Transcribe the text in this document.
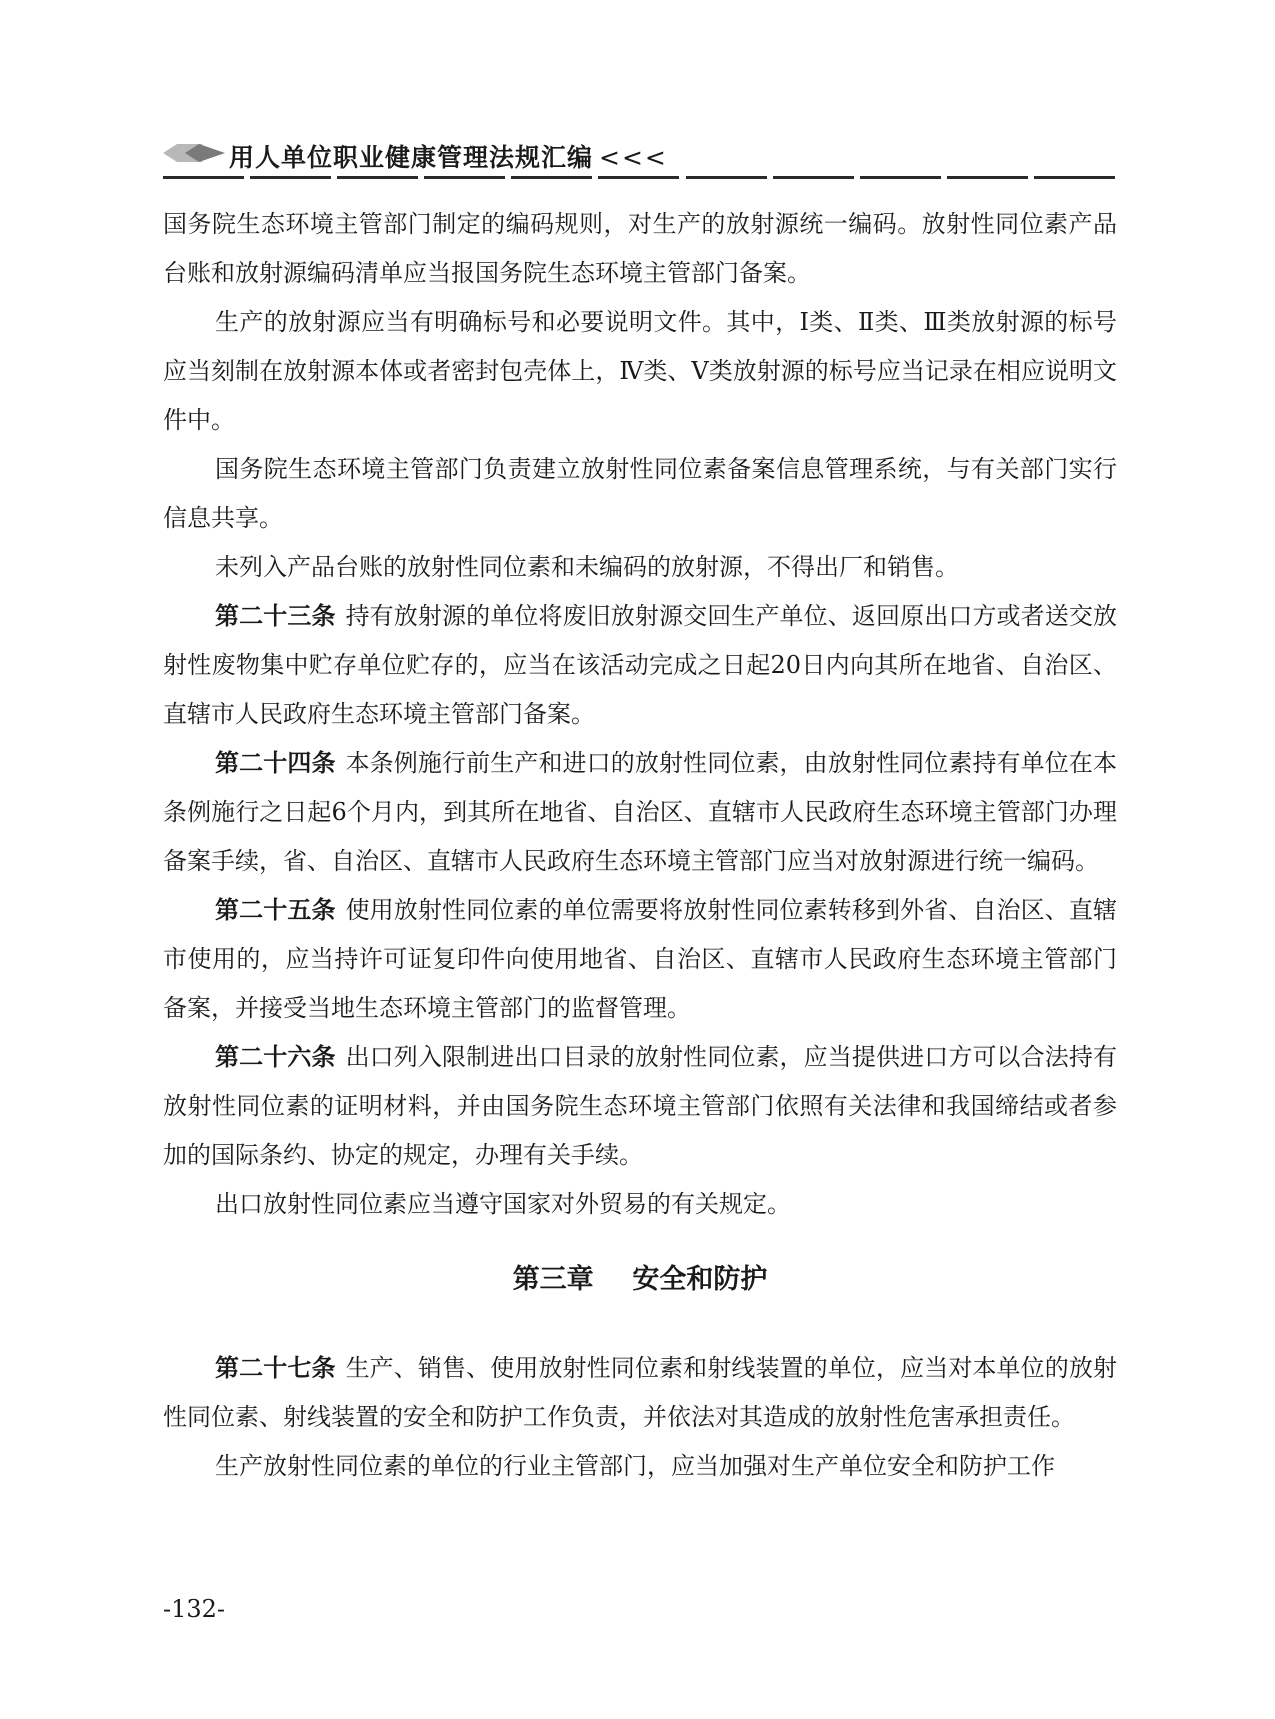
用人单位职业健康管理法规汇编 <<<

国务院生态环境主管部门制定的编码规则，对生产的放射源统一编码。放射性同位素产品台账和放射源编码清单应当报国务院生态环境主管部门备案。

生产的放射源应当有明确标号和必要说明文件。其中，Ⅰ类、Ⅱ类、Ⅲ类放射源的标号应当刻制在放射源本体或者密封包壳体上，Ⅳ类、Ⅴ类放射源的标号应当记录在相应说明文件中。

国务院生态环境主管部门负责建立放射性同位素备案信息管理系统，与有关部门实行信息共享。

未列入产品台账的放射性同位素和未编码的放射源，不得出厂和销售。

第二十三条 持有放射源的单位将废旧放射源交回生产单位、返回原出口方或者送交放射性废物集中贮存单位贮存的，应当在该活动完成之日起20日内向其所在地省、自治区、直辖市人民政府生态环境主管部门备案。

第二十四条 本条例施行前生产和进口的放射性同位素，由放射性同位素持有单位在本条例施行之日起6个月内，到其所在地省、自治区、直辖市人民政府生态环境主管部门办理备案手续，省、自治区、直辖市人民政府生态环境主管部门应当对放射源进行统一编码。

第二十五条 使用放射性同位素的单位需要将放射性同位素转移到外省、自治区、直辖市使用的，应当持许可证复印件向使用地省、自治区、直辖市人民政府生态环境主管部门备案，并接受当地生态环境主管部门的监督管理。

第二十六条 出口列入限制进出口目录的放射性同位素，应当提供进口方可以合法持有放射性同位素的证明材料，并由国务院生态环境主管部门依照有关法律和我国缔结或者参加的国际条约、协定的规定，办理有关手续。

出口放射性同位素应当遵守国家对外贸易的有关规定。

第三章 安全和防护

第二十七条 生产、销售、使用放射性同位素和射线装置的单位，应当对本单位的放射性同位素、射线装置的安全和防护工作负责，并依法对其造成的放射性危害承担责任。

生产放射性同位素的单位的行业主管部门，应当加强对生产单位安全和防护工作

-132-
